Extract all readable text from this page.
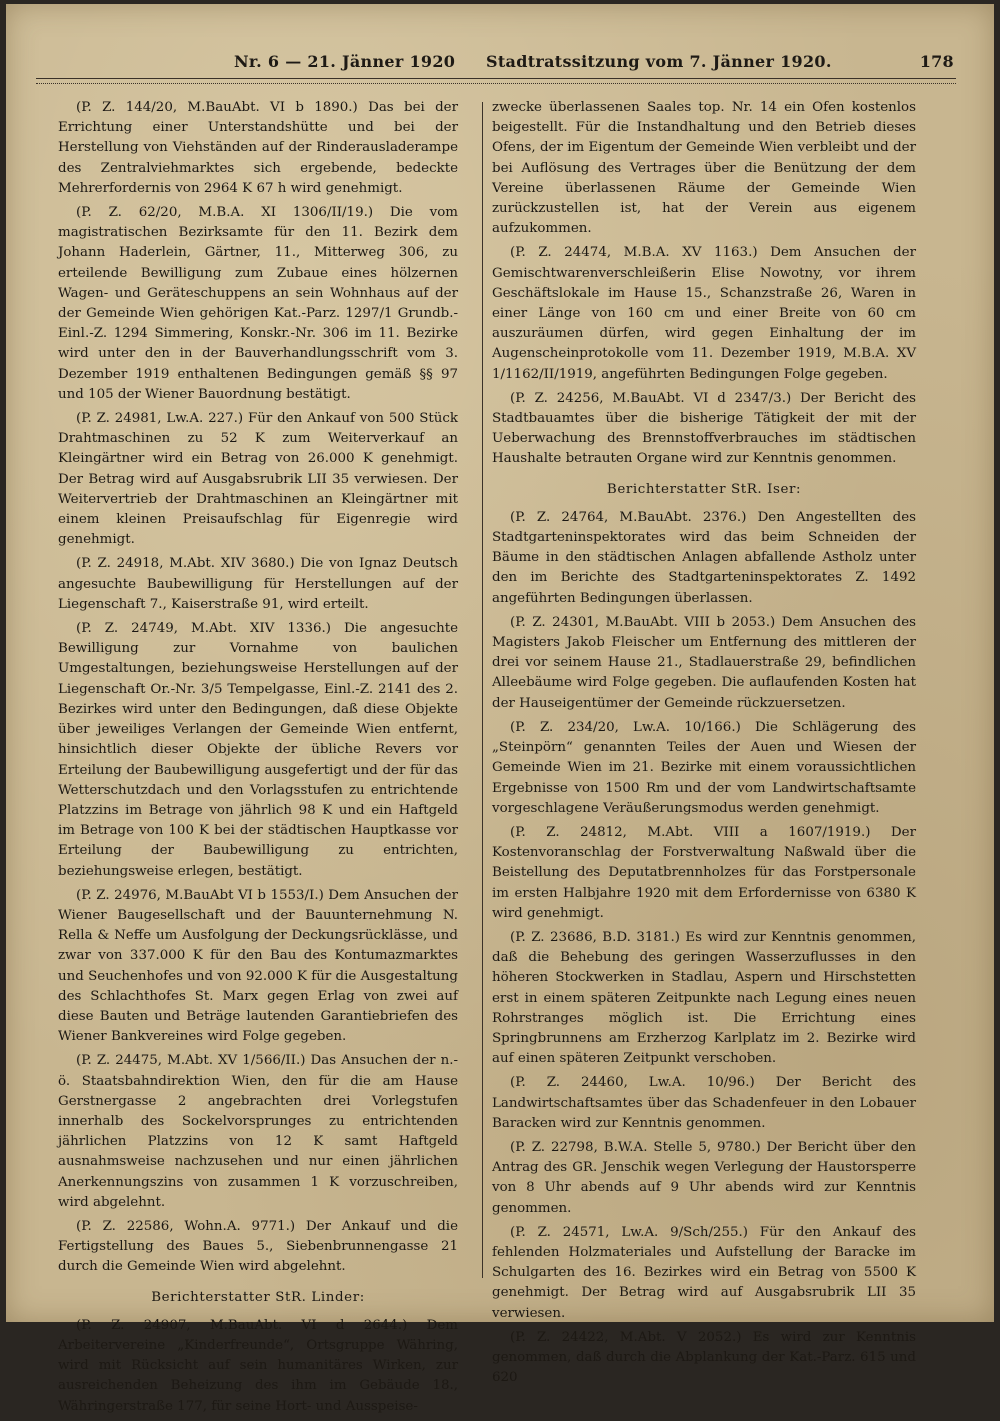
Nr. 6 — 21. Jänner 1920 Stadtratssitzung vom 7. Jänner 1920.	178

(P. Z. 144/20, M.BauAbt. VI b 1890.) Das bei der Errichtung einer Unterstandshütte und bei der Herstellung von Viehständen auf der Rinderausladerampe des Zentralviehmarktes sich ergebende, bedeckte Mehrerfordernis von 2964 K 67 h wird genehmigt.

(P. Z. 62/20, M.B.A. XI 1306/II/19.) Die vom magistratischen Bezirksamte für den 11. Bezirk dem Johann Haderlein, Gärtner, 11., Mitterweg 306, zu erteilende Bewilligung zum Zubaue eines hölzernen Wagen- und Geräteschuppens an sein Wohnhaus auf der der Gemeinde Wien gehörigen Kat.-Parz. 1297/1 Grundb.-Einl.-Z. 1294 Simmering, Konskr.-Nr. 306 im 11. Bezirke wird unter den in der Bauverhandlungsschrift vom 3. Dezember 1919 enthaltenen Bedingungen gemäß §§ 97 und 105 der Wiener Bauordnung bestätigt.

(P. Z. 24981, Lw.A. 227.) Für den Ankauf von 500 Stück Drahtmaschinen zu 52 K zum Weiterverkauf an Kleingärtner wird ein Betrag von 26.000 K genehmigt. Der Betrag wird auf Ausgabsrubrik LII 35 verwiesen. Der Weitervertrieb der Drahtmaschinen an Kleingärtner mit einem kleinen Preisaufschlag für Eigenregie wird genehmigt.

(P. Z. 24918, M.Abt. XIV 3680.) Die von Ignaz Deutsch angesuchte Baubewilligung für Herstellungen auf der Liegenschaft 7., Kaiserstraße 91, wird erteilt.

(P. Z. 24749, M.Abt. XIV 1336.) Die angesuchte Bewilligung zur Vornahme von baulichen Umgestaltungen, beziehungsweise Herstellungen auf der Liegenschaft Or.-Nr. 3/5 Tempelgasse, Einl.-Z. 2141 des 2. Bezirkes wird unter den Bedingungen, daß diese Objekte über jeweiliges Verlangen der Gemeinde Wien entfernt, hinsichtlich dieser Objekte der übliche Revers vor Erteilung der Baubewilligung ausgefertigt und der für das Wetterschutzdach und den Vorlagsstufen zu entrichtende Platzzins im Betrage von jährlich 98 K und ein Haftgeld im Betrage von 100 K bei der städtischen Hauptkasse vor Erteilung der Baubewilligung zu entrichten, beziehungsweise erlegen, bestätigt.

(P. Z. 24976, M.BauAbt VI b 1553/I.) Dem Ansuchen der Wiener Baugesellschaft und der Bauunternehmung N. Rella & Neffe um Ausfolgung der Deckungsrücklässe, und zwar von 337.000 K für den Bau des Kontumazmarktes und Seuchenhofes und von 92.000 K für die Ausgestaltung des Schlachthofes St. Marx gegen Erlag von zwei auf diese Bauten und Beträge lautenden Garantiebriefen des Wiener Bankvereines wird Folge gegeben.

(P. Z. 24475, M.Abt. XV 1/566/II.) Das Ansuchen der n.-ö. Staatsbahndirektion Wien, den für die am Hause Gerstnergasse 2 angebrachten drei Vorlegstufen innerhalb des Sockelvorsprunges zu entrichtenden jährlichen Platzzins von 12 K samt Haftgeld ausnahmsweise nachzusehen und nur einen jährlichen Anerkennungszins von zusammen 1 K vorzuschreiben, wird abgelehnt.

(P. Z. 22586, Wohn.A. 9771.) Der Ankauf und die Fertigstellung des Baues 5., Siebenbrunnengasse 21 durch die Gemeinde Wien wird abgelehnt.

Berichterstatter StR. Linder:

(P. Z. 24907, M.BauAbt. VI d 2644.) Dem Arbeitervereine „Kinderfreunde“, Ortsgruppe Währing, wird mit Rücksicht auf sein humanitäres Wirken, zur ausreichenden Beheizung des ihm im Gebäude 18., Währingerstraße 177, für seine Hort- und Ausspeise-

zwecke überlassenen Saales top. Nr. 14 ein Ofen kostenlos beigestellt. Für die Instandhaltung und den Betrieb dieses Ofens, der im Eigentum der Gemeinde Wien verbleibt und der bei Auflösung des Vertrages über die Benützung der dem Vereine überlassenen Räume der Gemeinde Wien zurückzustellen ist, hat der Verein aus eigenem aufzukommen.

(P. Z. 24474, M.B.A. XV 1163.) Dem Ansuchen der Gemischtwarenverschleißerin Elise Nowotny, vor ihrem Geschäftslokale im Hause 15., Schanzstraße 26, Waren in einer Länge von 160 cm und einer Breite von 60 cm auszuräumen dürfen, wird gegen Einhaltung der im Augenscheinprotokolle vom 11. Dezember 1919, M.B.A. XV 1/1162/II/1919, angeführten Bedingungen Folge gegeben.

(P. Z. 24256, M.BauAbt. VI d 2347/3.) Der Bericht des Stadtbauamtes über die bisherige Tätigkeit der mit der Ueberwachung des Brennstoffverbrauches im städtischen Haushalte betrauten Organe wird zur Kenntnis genommen.

Berichterstatter StR. Iser:

(P. Z. 24764, M.BauAbt. 2376.) Den Angestellten des Stadtgarteninspektorates wird das beim Schneiden der Bäume in den städtischen Anlagen abfallende Astholz unter den im Berichte des Stadtgarteninspektorates Z. 1492 angeführten Bedingungen überlassen.

(P. Z. 24301, M.BauAbt. VIII b 2053.) Dem Ansuchen des Magisters Jakob Fleischer um Entfernung des mittleren der drei vor seinem Hause 21., Stadlauerstraße 29, befindlichen Alleebäume wird Folge gegeben. Die auflaufenden Kosten hat der Hauseigentümer der Gemeinde rückzuersetzen.

(P. Z. 234/20, Lw.A. 10/166.) Die Schlägerung des „Steinpörn“ genannten Teiles der Auen und Wiesen der Gemeinde Wien im 21. Bezirke mit einem voraussichtlichen Ergebnisse von 1500 Rm und der vom Landwirtschaftsamte vorgeschlagene Veräußerungsmodus werden genehmigt.

(P. Z. 24812, M.Abt. VIII a 1607/1919.) Der Kostenvoranschlag der Forstverwaltung Naßwald über die Beistellung des Deputatbrennholzes für das Forstpersonale im ersten Halbjahre 1920 mit dem Erfordernisse von 6380 K wird genehmigt.

(P. Z. 23686, B.D. 3181.) Es wird zur Kenntnis genommen, daß die Behebung des geringen Wasserzuflusses in den höheren Stockwerken in Stadlau, Aspern und Hirschstetten erst in einem späteren Zeitpunkte nach Legung eines neuen Rohrstranges möglich ist. Die Errichtung eines Springbrunnens am Erzherzog Karlplatz im 2. Bezirke wird auf einen späteren Zeitpunkt verschoben.

(P. Z. 24460, Lw.A. 10/96.) Der Bericht des Landwirtschaftsamtes über das Schadenfeuer in den Lobauer Baracken wird zur Kenntnis genommen.

(P. Z. 22798, B.W.A. Stelle 5, 9780.) Der Bericht über den Antrag des GR. Jenschik wegen Verlegung der Haustorsperre von 8 Uhr abends auf 9 Uhr abends wird zur Kenntnis genommen.

(P. Z. 24571, Lw.A. 9/Sch/255.) Für den Ankauf des fehlenden Holzmateriales und Aufstellung der Baracke im Schulgarten des 16. Bezirkes wird ein Betrag von 5500 K genehmigt. Der Betrag wird auf Ausgabsrubrik LII 35 verwiesen.

(P. Z. 24422, M.Abt. V 2052.) Es wird zur Kenntnis genommen, daß durch die Abplankung der Kat.-Parz. 615 und 620
